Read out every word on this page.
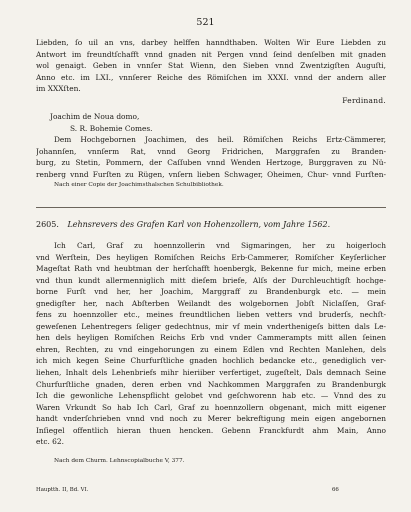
521
Liebden, ſo uil an vns, darbey helffen hanndthaben. Wolten Wir Eure Liebden zu
Antwort im freundtſchafft vnnd gnaden nit Pergen vnnd ſeind denſelben mit gnaden
wol genaigt. Geben in vnnſer Stat Wienn, den Sieben vnnd Zwentzigſten Auguſti,
Anno etc. im LXI., vnnſerer Reiche des Römiſchen im XXXI. vnnd der andern aller
im XXXſten.
Ferdinand.
Joachim de Noua domo,
S. R. Bohemie Comes.
Dem Hochgebornen Joachimen, des heil. Römiſchen Reichs Ertz-Cämmerer,
Johannſen, vnnſerm Rat, vnnd Georg Fridrichen, Marggrafen zu Branden-
burg, zu Stetin, Pommern, der Caſſuben vnnd Wenden Hertzoge, Burggraven zu Nü-
renberg vnnd Furſten zu Rügen, vnſern lieben Schwager, Oheimen, Chur- vnnd Furſten-
Nach einer Copie der Joachimsthalschen Schulbibliothek.
2605. Lehnsrevers des Grafen Karl von Hohenzollern, vom Jahre 1562.
Ich Carl, Graf zu hoennzollerin vnd Sigmaringen, her zu hoigerloch
vnd Werſtein, Des heyligen Romiſchen Reichs Erb-Cammerer, Romiſcher Keyſerlicher
Mageſtat Rath vnd heubtman der herſchafft hoenbergk, Bekenne fur mich, meine erben
vnd thun kundt allermenniglich mitt dieſem briefe, Alſs der Durchleuchtigſt hochge-
borne Furſt vnd her, her Joachim, Marggraff zu Brandenburgk etc. — mein
gnedigſter her, nach Abſterben Weilandt des wolgebornen Jobſt Niclaſſen, Graf-
fens zu hoennzoller etc., meines freundtlichen lieben vetters vnd bruderſs, nechſt-
geweſenen Lehentregers ſeliger gedechtnus, mir vf mein vnderthenigeſs bitten dals Le-
hen dels heyligen Romiſchen Reichs Erb vnd vnder Cammerampts mitt allen ſeinen
ehren, Rechten, zu vnd eingehorungen zu einem Edlen vnd Rechten Manlehen, dels
ich mich kegen Seine Churfurſtliche gnaden hochlich bedancke etc., genediglich ver-
liehen, Inhalt dels Lehenbriefs mihr hieriiber verfertiget, zugeſtelt, Dals demnach Seine
Churfurſtliche gnaden, deren erben vnd Nachkommen Marggrafen zu Brandenburgk
Ich die gewonliche Lehenspflicht gelobet vnd geſchworenn hab etc. — Vnnd des zu
Waren Vrkundt So hab Ich Carl, Graf zu hoennzollern obgenant, mich mitt eigener
handt vnderſchrieben vnnd vnd noch zu Merer bekreftigung mein eigen angebornen
Inſiegel offentlich hieran thuen hencken. Gebenn Franckfurdt ahm Main, Anno
etc. 62.
Nach dem Churm. Lehnscopialbuche V, 377.
Hauptth. II, Bd. VI.	66
